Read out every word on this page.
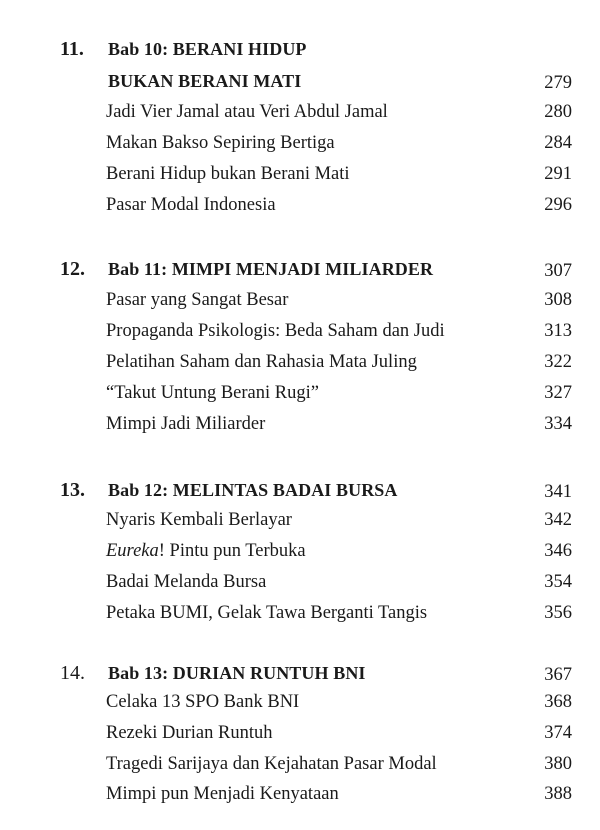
11. Bab 10: BERANI HIDUP
BUKAN BERANI MATI	279
Jadi Vier Jamal atau Veri Abdul Jamal	280
Makan Bakso Sepiring Bertiga	284
Berani Hidup bukan Berani Mati	291
Pasar Modal Indonesia	296
12. Bab 11: MIMPI MENJADI MILIARDER	307
Pasar yang Sangat Besar	308
Propaganda Psikologis: Beda Saham dan Judi	313
Pelatihan Saham dan Rahasia Mata Juling	322
“Takut Untung Berani Rugi”	327
Mimpi Jadi Miliarder	334
13. Bab 12: MELINTAS BADAI BURSA	341
Nyaris Kembali Berlayar	342
Eureka! Pintu pun Terbuka	346
Badai Melanda Bursa	354
Petaka BUMI, Gelak Tawa Berganti Tangis	356
14. Bab 13: DURIAN RUNTUH BNI	367
Celaka 13 SPO Bank BNI	368
Rezeki Durian Runtuh	374
Tragedi Sarijaya dan Kejahatan Pasar Modal	380
Mimpi pun Menjadi Kenyataan	388
